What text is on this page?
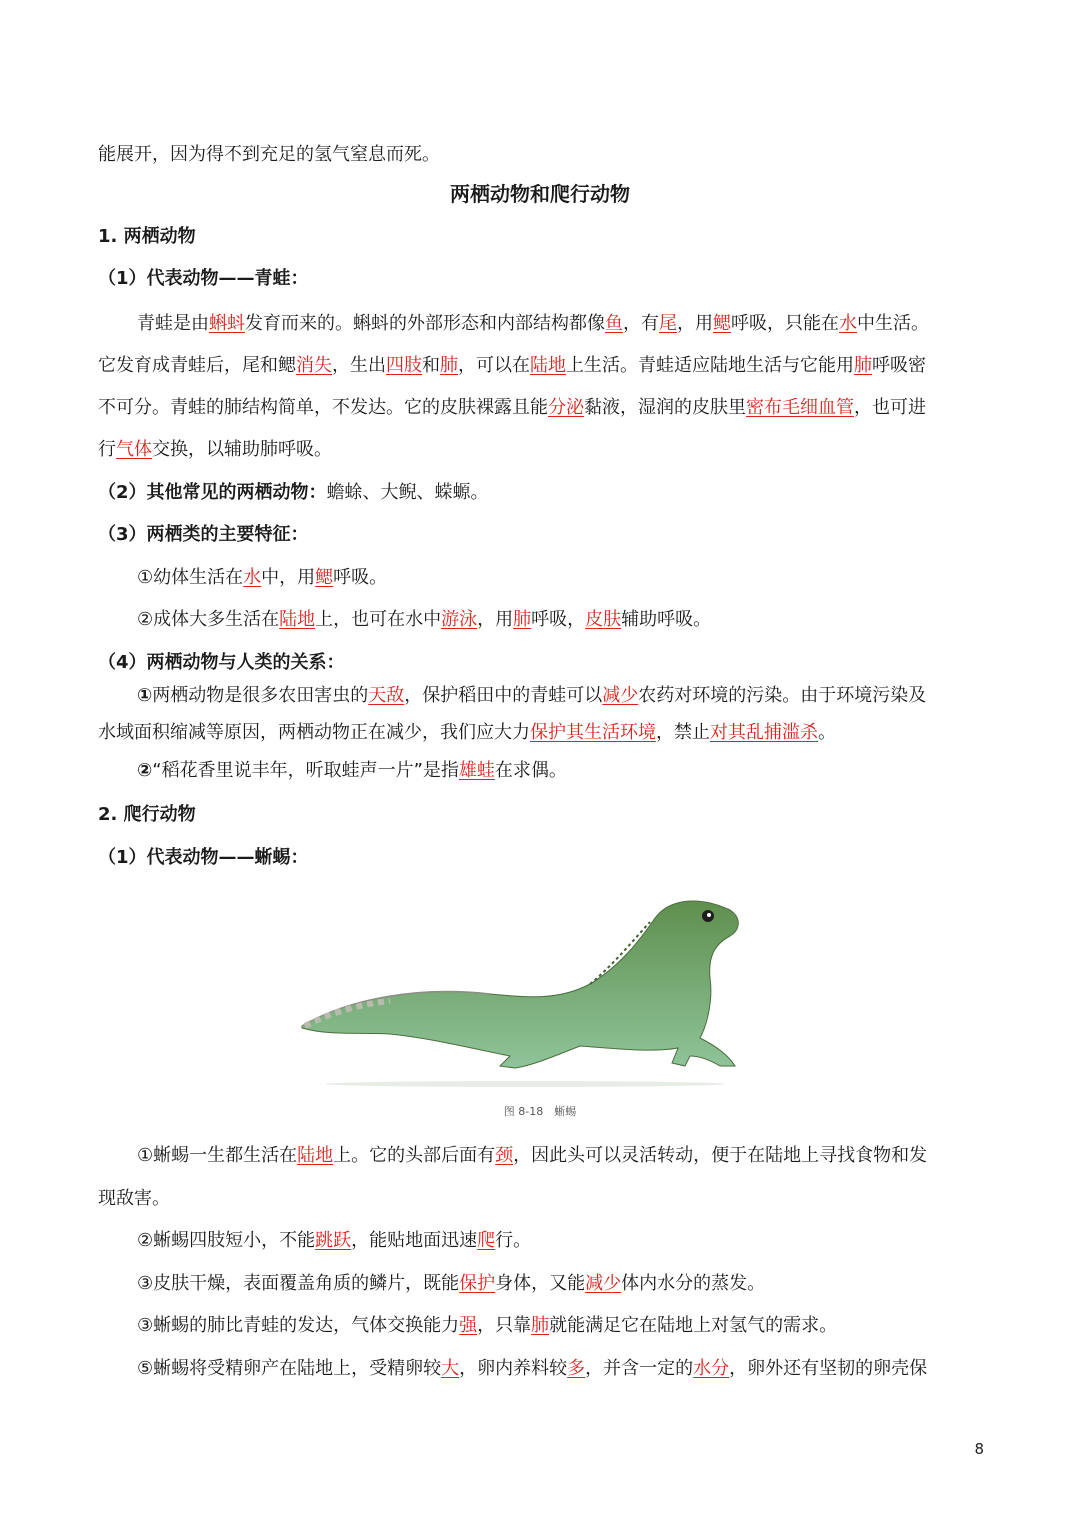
能展开，因为得不到充足的氢气窒息而死。
两栖动物和爬行动物
1. 两栖动物
（1）代表动物——青蛙：
青蛙是由蝌蚪发育而来的。蝌蚪的外部形态和内部结构都像鱼，有尾，用鳃呼吸，只能在水中生活。
它发育成青蛙后，尾和鳃消失，生出四肢和肺，可以在陆地上生活。青蛙适应陆地生活与它能用肺呼吸密
不可分。青蛙的肺结构简单，不发达。它的皮肤裸露且能分泌黏液，湿润的皮肤里密布毛细血管，也可进
行气体交换，以辅助肺呼吸。
（2）其他常见的两栖动物：蟾蜍、大鲵、蝾螈。
（3）两栖类的主要特征：
①幼体生活在水中，用鳃呼吸。
②成体大多生活在陆地上，也可在水中游泳，用肺呼吸，皮肤辅助呼吸。
（4）两栖动物与人类的关系：
①两栖动物是很多农田害虫的天敌，保护稻田中的青蛙可以减少农药对环境的污染。由于环境污染及
水域面积缩减等原因，两栖动物正在减少，我们应大力保护其生活环境，禁止对其乱捕滥杀。
②“稻花香里说丰年，听取蛙声一片”是指雄蛙在求偶。
2. 爬行动物
（1）代表动物——蜥蜴：
图 8-18　蜥蜴
①蜥蜴一生都生活在陆地上。它的头部后面有颈，因此头可以灵活转动，便于在陆地上寻找食物和发
现敌害。
②蜥蜴四肢短小，不能跳跃，能贴地面迅速爬行。
③皮肤干燥，表面覆盖角质的鳞片，既能保护身体，又能减少体内水分的蒸发。
③蜥蜴的肺比青蛙的发达，气体交换能力强，只靠肺就能满足它在陆地上对氢气的需求。
⑤蜥蜴将受精卵产在陆地上，受精卵较大，卵内养料较多，并含一定的水分，卵外还有坚韧的卵壳保
8
